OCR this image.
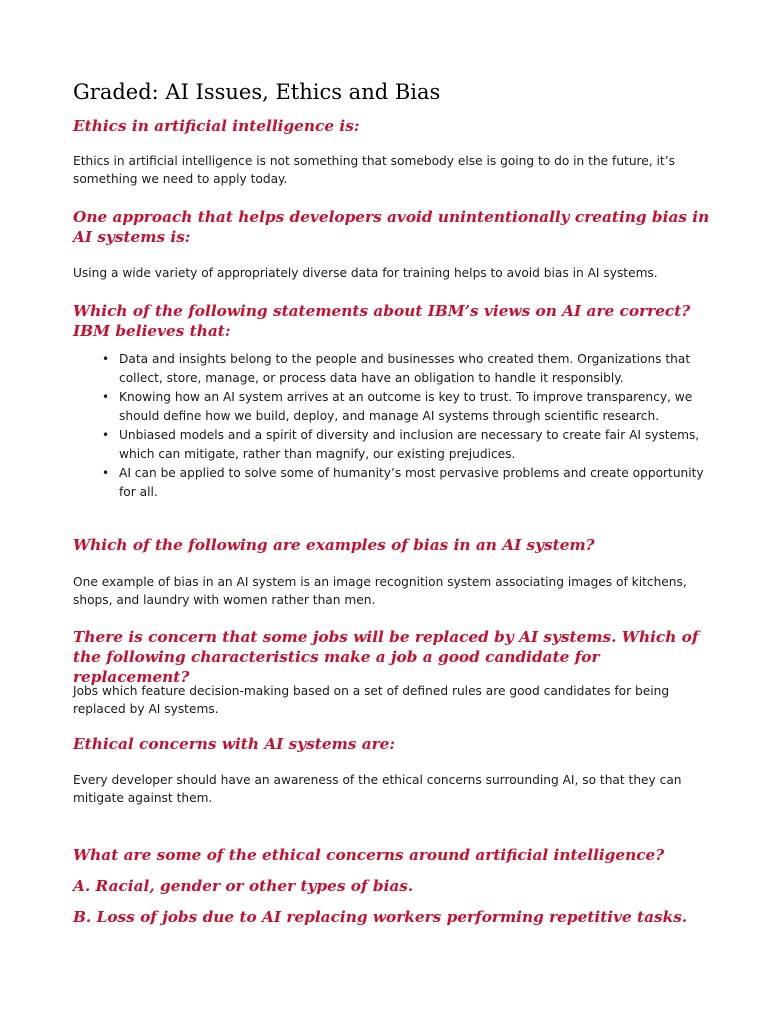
Graded: AI Issues, Ethics and Bias

Ethics in artificial intelligence is:

Ethics in artificial intelligence is not something that somebody else is going to do in the future, it’s something we need to apply today.

One approach that helps developers avoid unintentionally creating bias in AI systems is:

Using a wide variety of appropriately diverse data for training helps to avoid bias in AI systems.

Which of the following statements about IBM’s views on AI are correct?

IBM believes that:

• Data and insights belong to the people and businesses who created them. Organizations that collect, store, manage, or process data have an obligation to handle it responsibly.
• Knowing how an AI system arrives at an outcome is key to trust. To improve transparency, we should define how we build, deploy, and manage AI systems through scientific research.
• Unbiased models and a spirit of diversity and inclusion are necessary to create fair AI systems, which can mitigate, rather than magnify, our existing prejudices.
• AI can be applied to solve some of humanity’s most pervasive problems and create opportunity for all.

Which of the following are examples of bias in an AI system?

One example of bias in an AI system is an image recognition system associating images of kitchens, shops, and laundry with women rather than men.

There is concern that some jobs will be replaced by AI systems. Which of the following characteristics make a job a good candidate for replacement?

Jobs which feature decision-making based on a set of defined rules are good candidates for being replaced by AI systems.

Ethical concerns with AI systems are:

Every developer should have an awareness of the ethical concerns surrounding AI, so that they can mitigate against them.

What are some of the ethical concerns around artificial intelligence?

A. Racial, gender or other types of bias.

B. Loss of jobs due to AI replacing workers performing repetitive tasks.
